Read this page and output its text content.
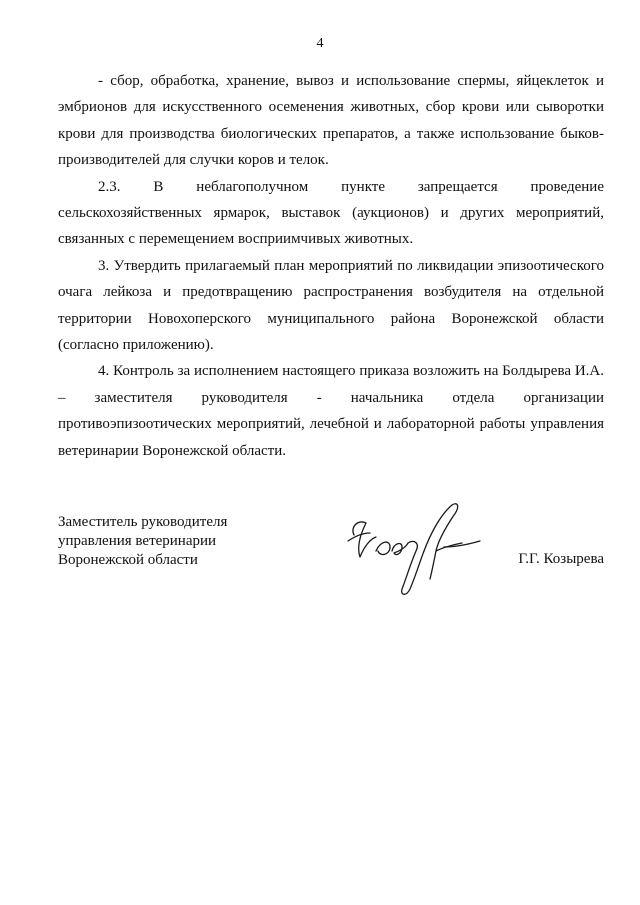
4

- сбор, обработка, хранение, вывоз и использование спермы, яйцеклеток и эмбрионов для искусственного осеменения животных, сбор крови или сыворотки крови для производства биологических препаратов, а также использование быков-производителей для случки коров и телок.

2.3. В неблагополучном пункте запрещается проведение сельскохозяйственных ярмарок, выставок (аукционов) и других мероприятий, связанных с перемещением восприимчивых животных.

3. Утвердить прилагаемый план мероприятий по ликвидации эпизоотического очага лейкоза и предотвращению распространения возбудителя на отдельной территории Новохоперского муниципального района Воронежской области (согласно приложению).

4. Контроль за исполнением настоящего приказа возложить на Болдырева И.А. – заместителя руководителя - начальника отдела организации противоэпизоотических мероприятий, лечебной и лабораторной работы управления ветеринарии Воронежской области.

Заместитель руководителя
управления ветеринарии
Воронежской области	Г.Г. Козырева
